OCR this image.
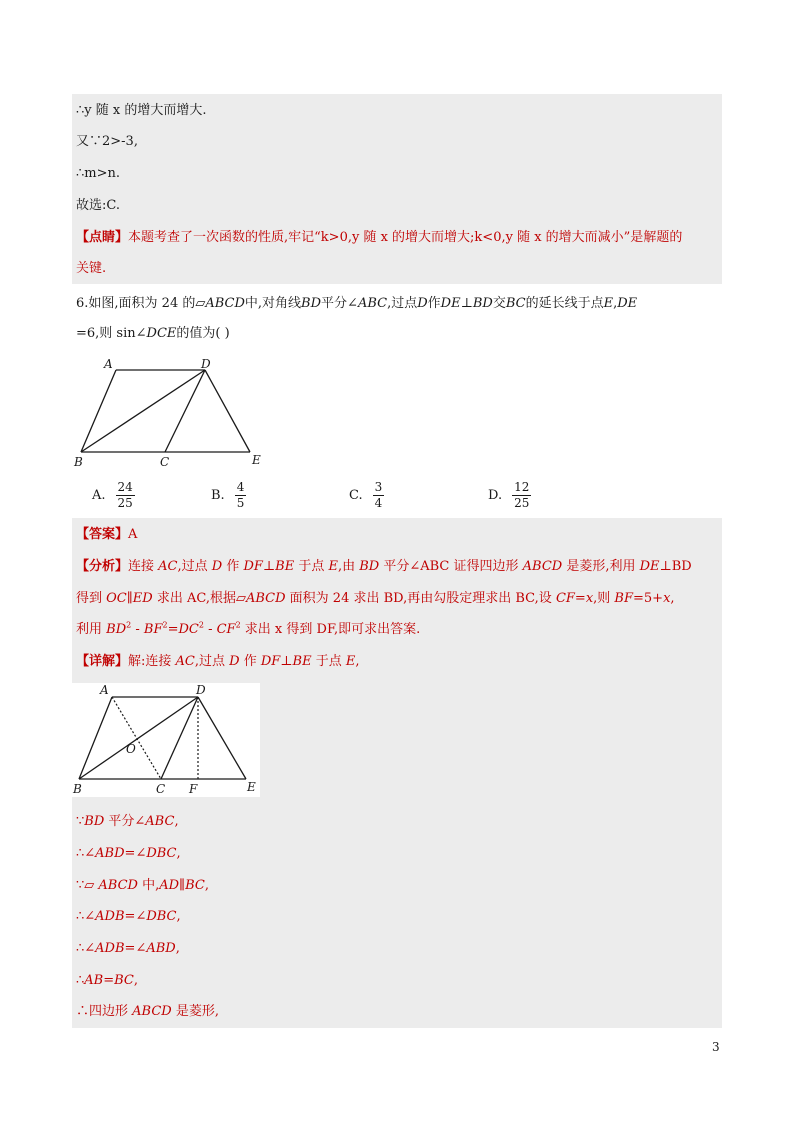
∴y 随 x 的增大而增大.
又∵2>-3,
∴m>n.
故选:C.
【点睛】本题考查了一次函数的性质,牢记“k>0,y 随 x 的增大而增大;k<0,y 随 x 的增大而减小”是解题的
关键.
6.如图,面积为 24 的▱ABCD中,对角线BD平分∠ABC,过点D作DE⊥BD交BC的延长线于点E,DE
=6,则 sin∠DCE的值为( )
A	D
B	C	E
A. $\frac{24}{25}$	B. $\frac{4}{5}$	C. $\frac{3}{4}$	D. $\frac{12}{25}$
【答案】A
【分析】连接 AC,过点 D 作 DF⊥BE 于点 E,由 BD 平分∠ABC 证得四边形 ABCD 是菱形,利用 DE⊥BD
得到 OC∥ED 求出 AC,根据▱ABCD 面积为 24 求出 BD,再由勾股定理求出 BC,设 CF=x,则 BF=5+x,
利用 $BD^2 - BF^2=DC^2 - CF^2$ 求出 x 得到 DF,即可求出答案.
【详解】解:连接 AC,过点 D 作 DF⊥BE 于点 E,
A	D
O
B	C F	E
∵BD 平分∠ABC,
∴∠ABD=∠DBC,
∵▱ ABCD 中,AD∥BC,
∴∠ADB=∠DBC,
∴∠ADB=∠ABD,
∴AB=BC,
∴四边形 ABCD 是菱形,
3
